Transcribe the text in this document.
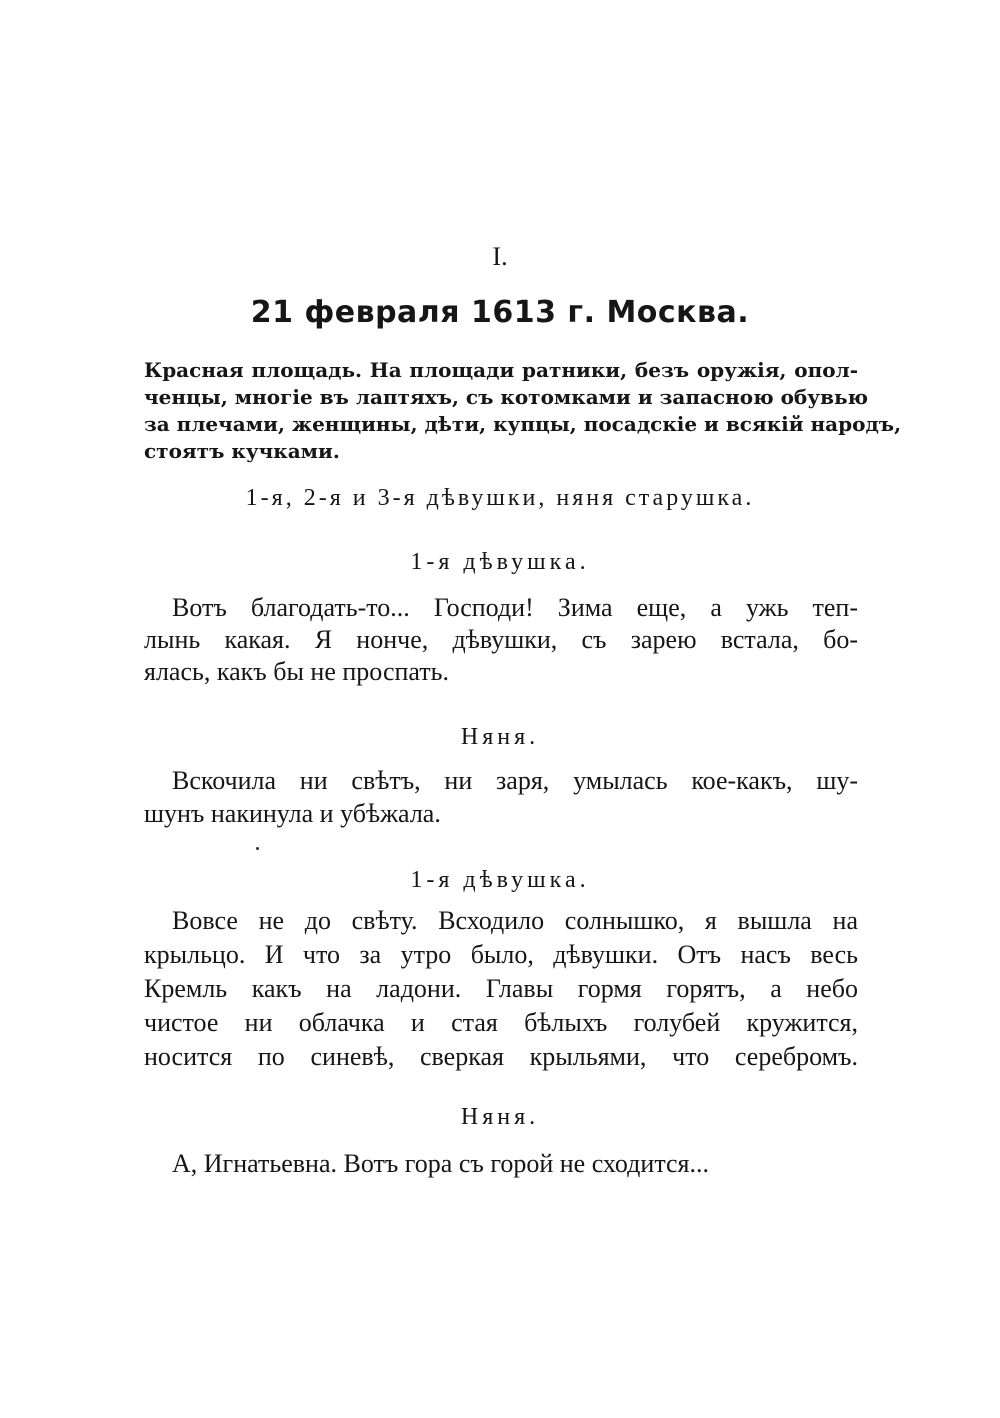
I.
21 февраля 1613 г. Москва.
Красная площадь. На площади ратники, безъ оружія, опол-
ченцы, многіе въ лаптяхъ, съ котомками и запасною обувью
за плечами, женщины, дѣти, купцы, посадскіе и всякій народъ,
стоятъ кучками.
1-я, 2-я и 3-я дѣвушки, няня старушка.
1-я дѣвушка.
Вотъ благодать-то... Господи! Зима еще, а ужь теп-
лынь какая. Я нонче, дѣвушки, съ зарею встала, бо-
ялась, какъ бы не проспать.
Няня.
Вскочила ни свѣтъ, ни заря, умылась кое-какъ, шу-
шунъ накинула и убѣжала.
1-я дѣвушка.
Вовсе не до свѣту. Всходило солнышко, я вышла на
крыльцо. И что за утро было, дѣвушки. Отъ насъ весь
Кремль какъ на ладони. Главы гормя горятъ, а небо
чистое ни облачка и стая бѣлыхъ голубей кружится,
носится по синевѣ, сверкая крыльями, что серебромъ.
Няня.
А, Игнатьевна. Вотъ гора съ горой не сходится...
